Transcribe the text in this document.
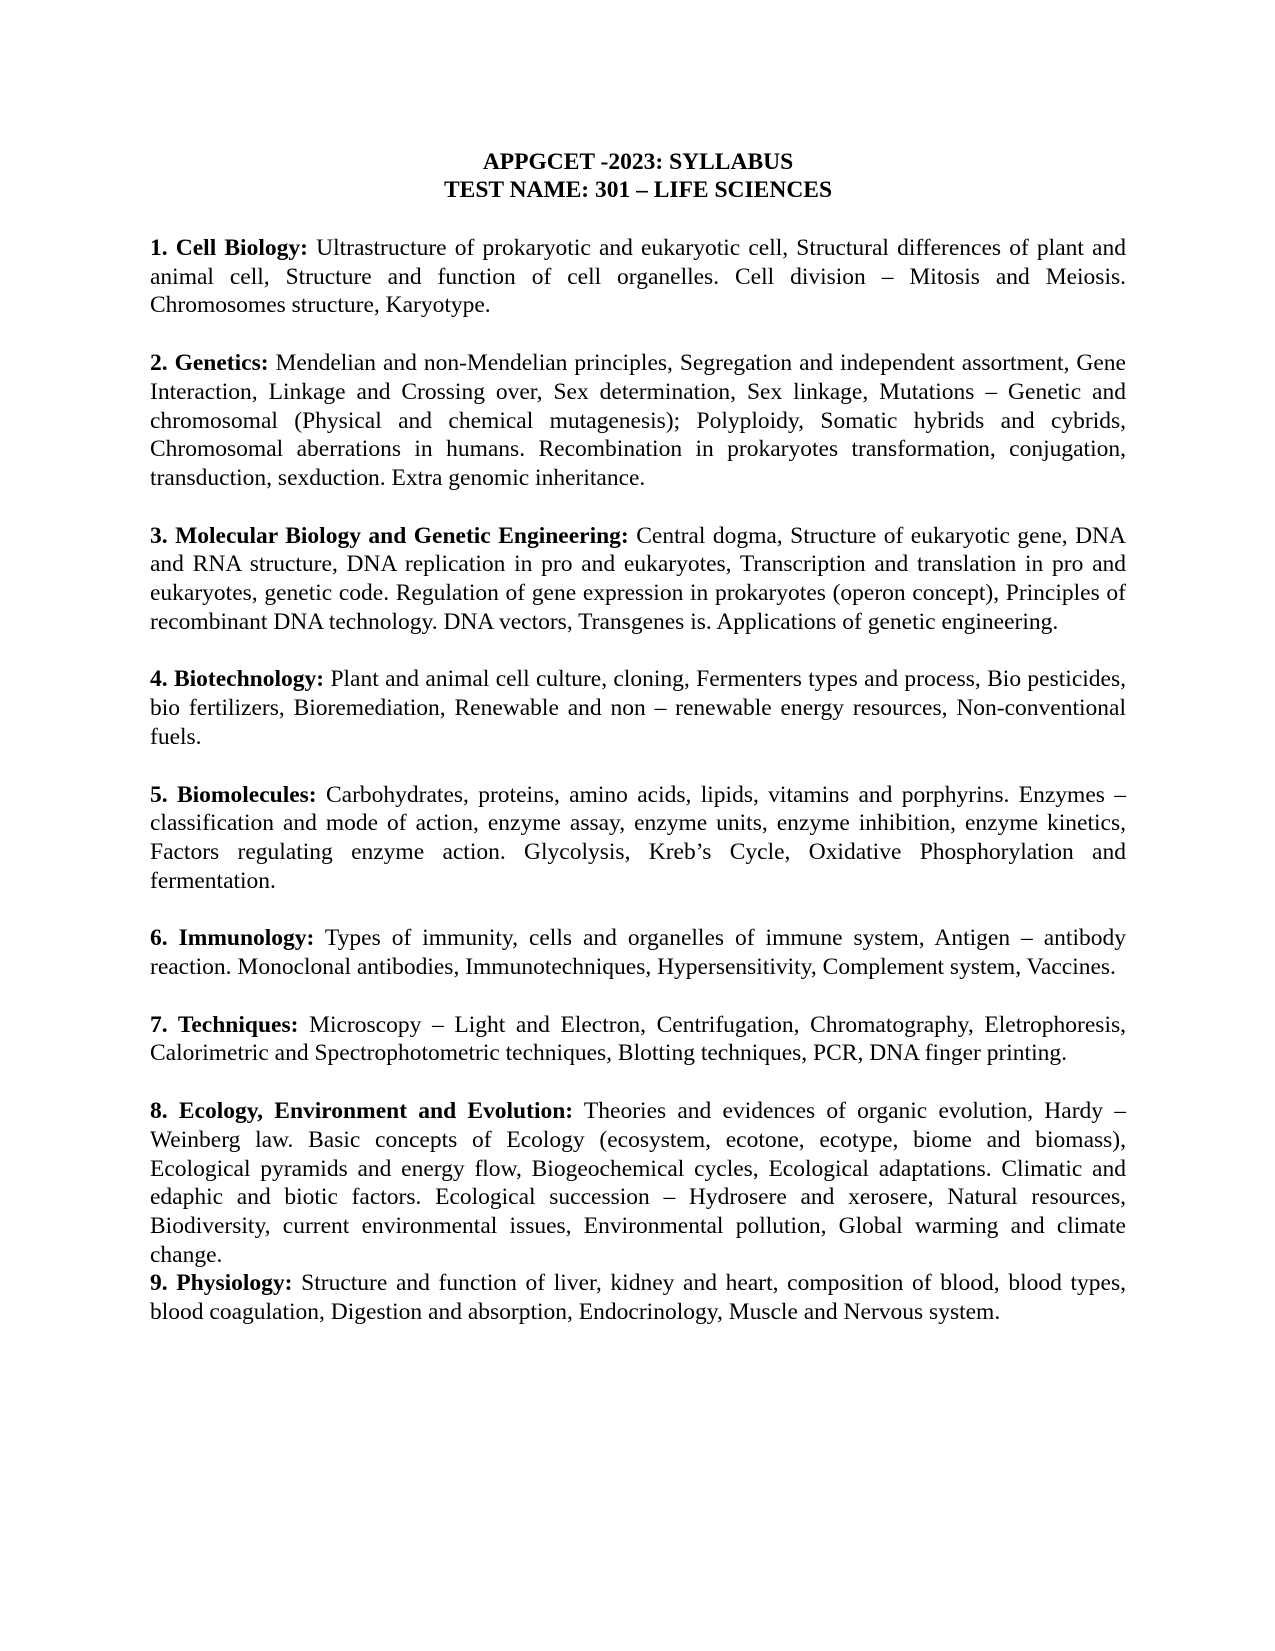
APPGCET -2023: SYLLABUS
TEST NAME: 301 – LIFE SCIENCES

1. Cell Biology: Ultrastructure of prokaryotic and eukaryotic cell, Structural differences of plant and animal cell, Structure and function of cell organelles. Cell division – Mitosis and Meiosis. Chromosomes structure, Karyotype.

2. Genetics: Mendelian and non-Mendelian principles, Segregation and independent assortment, Gene Interaction, Linkage and Crossing over, Sex determination, Sex linkage, Mutations – Genetic and chromosomal (Physical and chemical mutagenesis); Polyploidy, Somatic hybrids and cybrids, Chromosomal aberrations in humans. Recombination in prokaryotes transformation, conjugation, transduction, sexduction. Extra genomic inheritance.

3. Molecular Biology and Genetic Engineering: Central dogma, Structure of eukaryotic gene, DNA and RNA structure, DNA replication in pro and eukaryotes, Transcription and translation in pro and eukaryotes, genetic code. Regulation of gene expression in prokaryotes (operon concept), Principles of recombinant DNA technology. DNA vectors, Transgenes is. Applications of genetic engineering.

4. Biotechnology: Plant and animal cell culture, cloning, Fermenters types and process, Bio pesticides, bio fertilizers, Bioremediation, Renewable and non – renewable energy resources, Non-conventional fuels.

5. Biomolecules: Carbohydrates, proteins, amino acids, lipids, vitamins and porphyrins. Enzymes – classification and mode of action, enzyme assay, enzyme units, enzyme inhibition, enzyme kinetics, Factors regulating enzyme action. Glycolysis, Kreb’s Cycle, Oxidative Phosphorylation and fermentation.

6. Immunology: Types of immunity, cells and organelles of immune system, Antigen – antibody reaction. Monoclonal antibodies, Immunotechniques, Hypersensitivity, Complement system, Vaccines.

7. Techniques: Microscopy – Light and Electron, Centrifugation, Chromatography, Eletrophoresis, Calorimetric and Spectrophotometric techniques, Blotting techniques, PCR, DNA finger printing.

8. Ecology, Environment and Evolution: Theories and evidences of organic evolution, Hardy – Weinberg law. Basic concepts of Ecology (ecosystem, ecotone, ecotype, biome and biomass), Ecological pyramids and energy flow, Biogeochemical cycles, Ecological adaptations. Climatic and edaphic and biotic factors. Ecological succession – Hydrosere and xerosere, Natural resources, Biodiversity, current environmental issues, Environmental pollution, Global warming and climate change.

9. Physiology: Structure and function of liver, kidney and heart, composition of blood, blood types, blood coagulation, Digestion and absorption, Endocrinology, Muscle and Nervous system.
